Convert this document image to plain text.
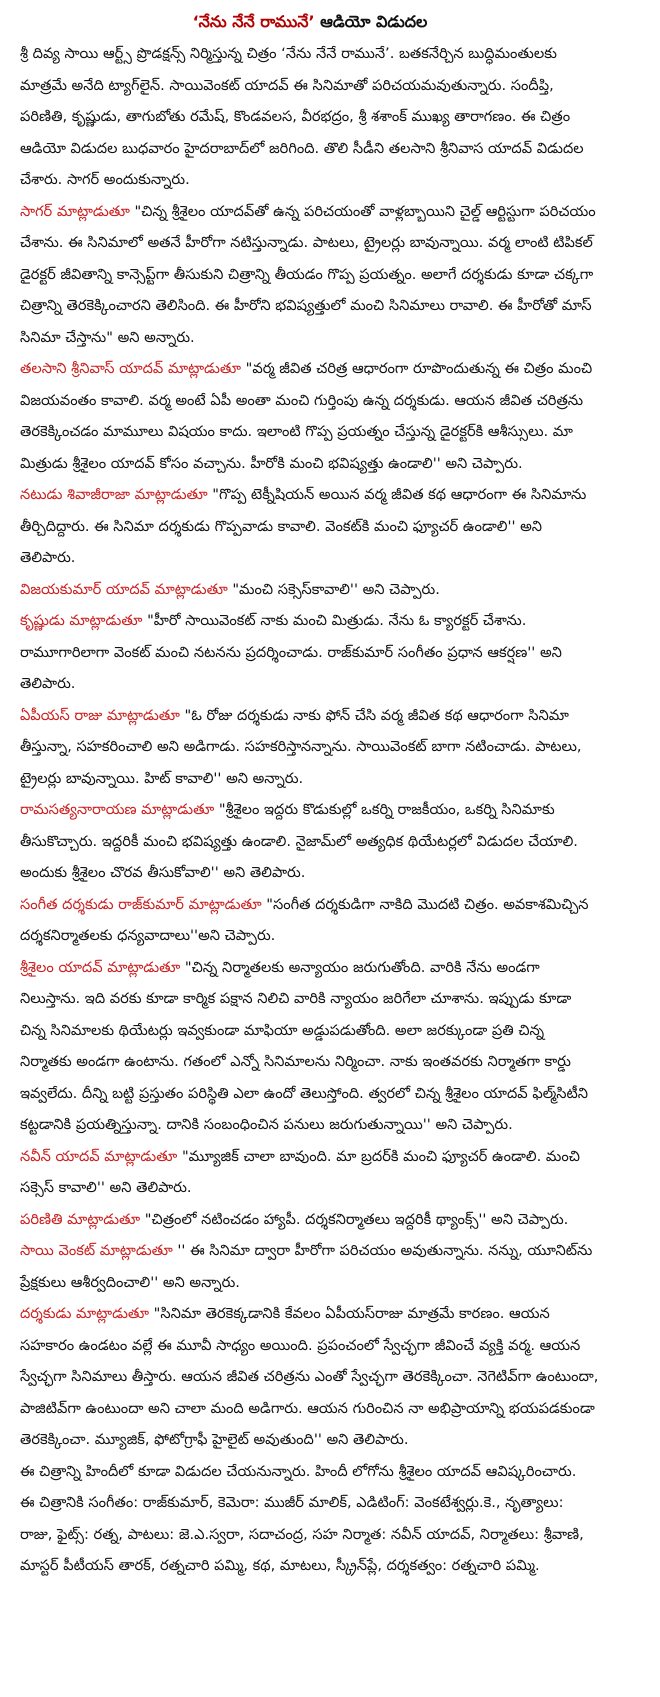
‘నేను నేనే రామునే’ ఆడియో విడుదల

శ్రీ దివ్య సాయి ఆర్ట్స్ ప్రొడక్షన్స్ నిర్మిస్తున్న చిత్రం ‘నేను నేనే రామునే’. బతకనేర్చిన బుద్ధిమంతులకు మాత్రమే అనేది ట్యాగ్‌లైన్. సాయివెంకట్ యాదవ్ ఈ సినిమాతో పరిచయమవుతున్నారు. సందీప్తి, పరిణితి, కృష్ణుడు, తాగుబోతు రమేష్, కొండవలస, వీరభద్రం, శ్రీ శశాంక్ ముఖ్య తారాగణం. ఈ చిత్రం ఆడియో విడుదల బుధవారం హైదరాబాద్‌లో జరిగింది. తొలి సీడీని తలసాని శ్రీనివాస యాదవ్ విడుదల చేశారు. సాగర్ అందుకున్నారు.

సాగర్ మాట్లాడుతూ "చిన్న శ్రీశైలం యాదవ్‌తో ఉన్న పరిచయంతో వాళ్లబ్బాయిని చైల్డ్ ఆర్టిస్టుగా పరిచయం చేశాను. ఈ సినిమాలో అతనే హీరోగా నటిస్తున్నాడు. పాటలు, ట్రైలర్లు బావున్నాయి. వర్మ లాంటి టిపికల్ డైరక్టర్ జీవితాన్ని కాన్సెప్ట్‌గా తీసుకుని చిత్రాన్ని తీయడం గొప్ప ప్రయత్నం. అలాగే దర్శకుడు కూడా చక్కగా చిత్రాన్ని తెరకెక్కించారని తెలిసింది. ఈ హీరోని భవిష్యత్తులో మంచి సినిమాలు రావాలి. ఈ హీరోతో మాస్ సినిమా చేస్తాను" అని అన్నారు.

తలసాని శ్రీనివాస్ యాదవ్ మాట్లాడుతూ "వర్మ జీవిత చరిత్ర ఆధారంగా రూపొందుతున్న ఈ చిత్రం మంచి విజయవంతం కావాలి. వర్మ అంటే ఏపీ అంతా మంచి గుర్తింపు ఉన్న దర్శకుడు. ఆయన జీవిత చరిత్రను తెరకెక్కించడం మామూలు విషయం కాదు. ఇలాంటి గొప్ప ప్రయత్నం చేస్తున్న డైరక్టర్‌కి ఆశీస్సులు. మా మిత్రుడు శ్రీశైలం యాదవ్ కోసం వచ్చాను. హీరోకి మంచి భవిష్యత్తు ఉండాలి'' అని చెప్పారు.

నటుడు శివాజీరాజా మాట్లాడుతూ "గొప్ప టెక్నీషియన్ అయిన వర్మ జీవిత కథ ఆధారంగా ఈ సినిమాను తీర్చిదిద్దారు. ఈ సినిమా దర్శకుడు గొప్పవాడు కావాలి. వెంకట్‌కి మంచి ఫ్యూచర్ ఉండాలి'' అని తెలిపారు.

విజయకుమార్ యాదవ్ మాట్లాడుతూ "మంచి సక్సెస్‌కావాలి'' అని చెప్పారు.

కృష్ణుడు మాట్లాడుతూ "హీరో సాయివెంకట్ నాకు మంచి మిత్రుడు. నేను ఓ క్యారక్టర్ చేశాను. రామూగారిలాగా వెంకట్ మంచి నటనను ప్రదర్శించాడు. రాజ్‌కుమార్ సంగీతం ప్రధాన ఆకర్షణ'' అని తెలిపారు.

ఏపీయస్ రాజు మాట్లాడుతూ "ఓ రోజు దర్శకుడు నాకు ఫోన్ చేసి వర్మ జీవిత కథ ఆధారంగా సినిమా తీస్తున్నా, సహకరించాలి అని అడిగాడు. సహకరిస్తానన్నాను. సాయివెంకట్ బాగా నటించాడు. పాటలు, ట్రైలర్లు బావున్నాయి. హిట్ కావాలి'' అని అన్నారు.

రామసత్యనారాయణ మాట్లాడుతూ "శ్రీశైలం ఇద్దరు కొడుకుల్లో ఒకర్ని రాజకీయం, ఒకర్ని సినిమాకు తీసుకొచ్చారు. ఇద్దరికీ మంచి భవిష్యత్తు ఉండాలి. నైజామ్‌లో అత్యధిక థియేటర్లలో విడుదల చేయాలి. అందుకు శ్రీశైలం చొరవ తీసుకోవాలి'' అని తెలిపారు.

సంగీత దర్శకుడు రాజ్‌కుమార్ మాట్లాడుతూ "సంగీత దర్శకుడిగా నాకిది మొదటి చిత్రం. అవకాశమిచ్చిన దర్శకనిర్మాతలకు ధన్యవాదాలు''అని చెప్పారు.

శ్రీశైలం యాదవ్ మాట్లాడుతూ "చిన్న నిర్మాతలకు అన్యాయం జరుగుతోంది. వారికి నేను అండగా నిలుస్తాను. ఇది వరకు కూడా కార్మిక పక్షాన నిలిచి వారికి న్యాయం జరిగేలా చూశాను. ఇప్పుడు కూడా చిన్న సినిమాలకు థియేటర్లు ఇవ్వకుండా మాఫియా అడ్డుపడుతోంది. అలా జరక్కుండా ప్రతి చిన్న నిర్మాతకు అండగా ఉంటాను. గతంలో ఎన్నో సినిమాలను నిర్మించా. నాకు ఇంతవరకు నిర్మాతగా కార్డు ఇవ్వలేదు. దీన్ని బట్టి ప్రస్తుతం పరిస్థితి ఎలా ఉందో తెలుస్తోంది. త్వరలో చిన్న శ్రీశైలం యాదవ్ ఫిల్మ్‌సిటీని కట్టడానికి ప్రయత్నిస్తున్నా. దానికి సంబంధించిన పనులు జరుగుతున్నాయి'' అని చెప్పారు.

నవీన్ యాదవ్ మాట్లాడుతూ "మ్యూజిక్ చాలా బావుంది. మా బ్రదర్‌కి మంచి ఫ్యూచర్ ఉండాలి. మంచి సక్సెస్ కావాలి'' అని తెలిపారు.

పరిణితి మాట్లాడుతూ "చిత్రంలో నటించడం హ్యాపీ. దర్శకనిర్మాతలు ఇద్దరికీ థ్యాంక్స్'' అని చెప్పారు.

సాయి వెంకట్ మాట్లాడుతూ '' ఈ సినిమా ద్వారా హీరోగా పరిచయం అవుతున్నాను. నన్ను, యూనిట్‌ను ప్రేక్షకులు ఆశీర్వదించాలి'' అని అన్నారు.

దర్శకుడు మాట్లాడుతూ "సినిమా తెరకెక్కడానికి కేవలం ఏపీయస్‌రాజు మాత్రమే కారణం. ఆయన సహకారం ఉండటం వల్లే ఈ మూవీ సాధ్యం అయింది. ప్రపంచంలో స్వేచ్ఛగా జీవించే వ్యక్తి వర్మ. ఆయన స్వేచ్ఛగా సినిమాలు తీస్తారు. ఆయన జీవిత చరిత్రను ఎంతో స్వేచ్ఛగా తెరకెక్కించా. నెగెటివ్‌గా ఉంటుందా, పాజిటివ్‌గా ఉంటుందా అని చాలా మంది అడిగారు. ఆయన గురించిన నా అభిప్రాయాన్ని భయపడకుండా తెరకెక్కించా. మ్యూజిక్, ఫోటోగ్రాఫీ హైలైట్ అవుతుంది'' అని తెలిపారు.

ఈ చిత్రాన్ని హిందీలో కూడా విడుదల చేయనున్నారు. హిందీ లోగోను శ్రీశైలం యాదవ్ ఆవిష్కరించారు.

ఈ చిత్రానికి సంగీతం: రాజ్‌కుమార్, కెమెరా: ముజీర్ మాలిక్, ఎడిటింగ్: వెంకటేశ్వర్లు.కె., నృత్యాలు: రాజు, ఫైట్స్: రత్న, పాటలు: జె.ఎ.స్వరా, సదాచంద్ర, సహ నిర్మాత: నవీన్ యాదవ్, నిర్మాతలు: శ్రీవాణి, మాస్టర్ పీటీయస్ తారక్, రత్నచారి పమ్మి, కథ, మాటలు, స్క్రీన్‌ప్లే, దర్శకత్వం: రత్నచారి పమ్మి.
